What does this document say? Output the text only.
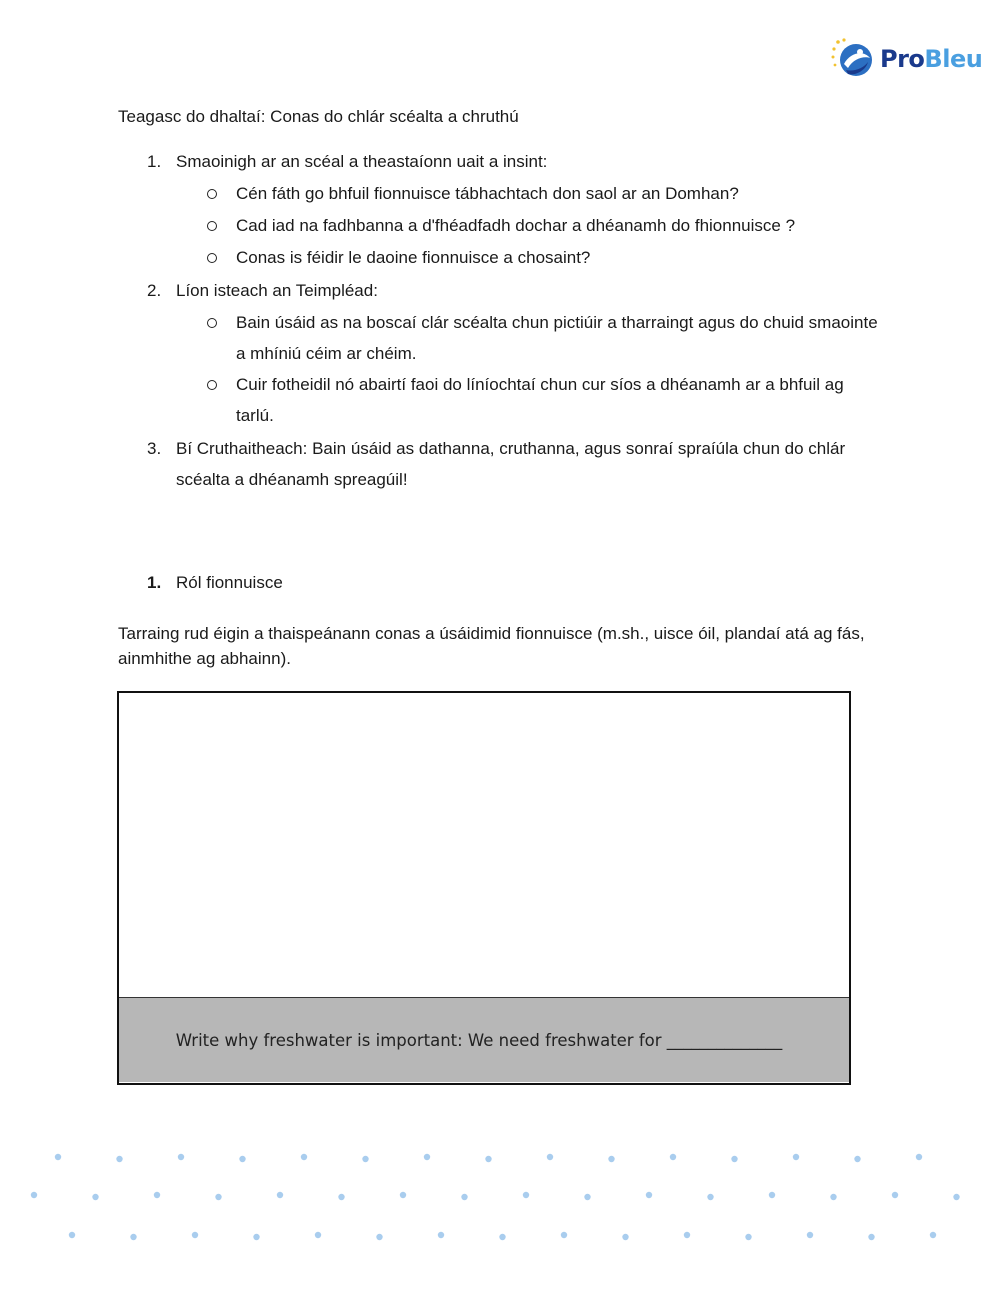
ProBleu
Teagasc do dhaltaí: Conas do chlár scéalta a chruthú
1. Smaoinigh ar an scéal a theastaíonn uait a insint:
Cén fáth go bhfuil fionnuisce tábhachtach don saol ar an Domhan?
Cad iad na fadhbanna a d'fhéadfadh dochar a dhéanamh do fhionnuisce ?
Conas is féidir le daoine fionnuisce a chosaint?
2. Líon isteach an Teimpléad:
Bain úsáid as na boscaí clár scéalta chun pictiúir a tharraingt agus do chuid smaointe a mhíniú céim ar chéim.
Cuir fotheidil nó abairtí faoi do líníochtaí chun cur síos a dhéanamh ar a bhfuil ag tarlú.
3. Bí Cruthaitheach: Bain úsáid as dathanna, cruthanna, agus sonraí spraíúla chun do chlár scéalta a dhéanamh spreagúil!
1. Ról fionnuisce
Tarraing rud éigin a thaispeánann conas a úsáidimid fionnuisce (m.sh., uisce óil, plandaí atá ag fás, ainmhithe ag abhainn).
Write why freshwater is important: We need freshwater for ______________
